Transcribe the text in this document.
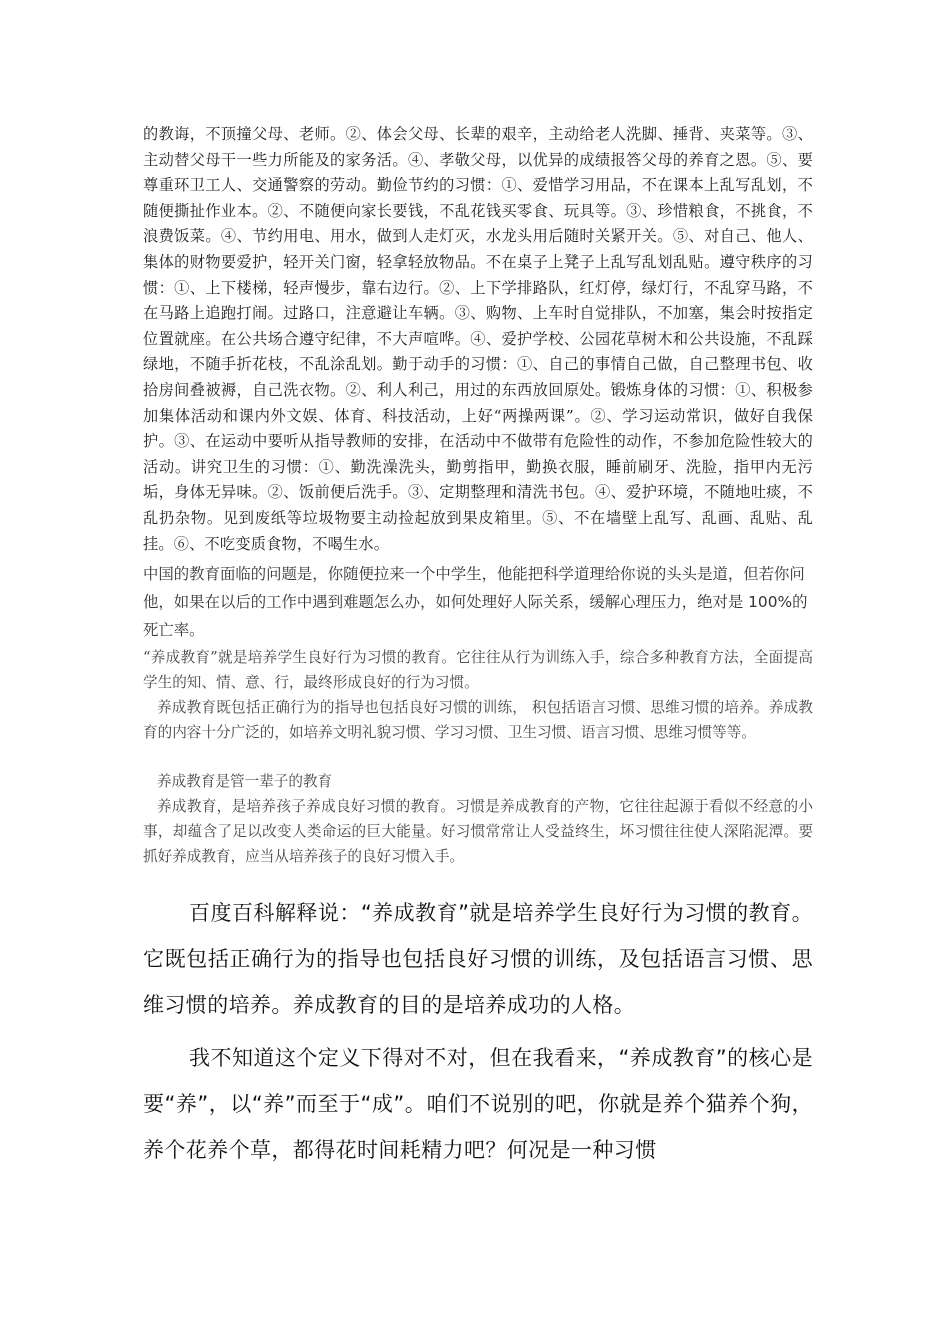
的教诲，不顶撞父母、老师。②、体会父母、长辈的艰辛，主动给老人洗脚、捶背、夹菜等。③、主动替父母干一些力所能及的家务活。④、孝敬父母，以优异的成绩报答父母的养育之恩。⑤、要尊重环卫工人、交通警察的劳动。勤俭节约的习惯：①、爱惜学习用品，不在课本上乱写乱划，不随便撕扯作业本。②、不随便向家长要钱，不乱花钱买零食、玩具等。③、珍惜粮食，不挑食，不浪费饭菜。④、节约用电、用水，做到人走灯灭，水龙头用后随时关紧开关。⑤、对自己、他人、集体的财物要爱护，轻开关门窗，轻拿轻放物品。不在桌子上凳子上乱写乱划乱贴。遵守秩序的习惯：①、上下楼梯，轻声慢步，靠右边行。②、上下学排路队，红灯停，绿灯行，不乱穿马路，不在马路上追跑打闹。过路口，注意避让车辆。③、购物、上车时自觉排队，不加塞，集会时按指定位置就座。在公共场合遵守纪律，不大声喧哗。④、爱护学校、公园花草树木和公共设施，不乱踩绿地，不随手折花枝，不乱涂乱划。勤于动手的习惯：①、自己的事情自己做，自己整理书包、收拾房间叠被褥，自己洗衣物。②、利人利己，用过的东西放回原处。锻炼身体的习惯：①、积极参加集体活动和课内外文娱、体育、科技活动，上好“两操两课”。②、学习运动常识，做好自我保护。③、在运动中要听从指导教师的安排，在活动中不做带有危险性的动作，不参加危险性较大的活动。讲究卫生的习惯：①、勤洗澡洗头，勤剪指甲，勤换衣服，睡前刷牙、洗脸，指甲内无污垢，身体无异味。②、饭前便后洗手。③、定期整理和清洗书包。④、爱护环境，不随地吐痰，不乱扔杂物。见到废纸等垃圾物要主动捡起放到果皮箱里。⑤、不在墙壁上乱写、乱画、乱贴、乱挂。⑥、不吃变质食物，不喝生水。
中国的教育面临的问题是，你随便拉来一个中学生，他能把科学道理给你说的头头是道，但若你问他，如果在以后的工作中遇到难题怎么办，如何处理好人际关系，缓解心理压力，绝对是 100%的死亡率。
“养成教育”就是培养学生良好行为习惯的教育。它往往从行为训练入手，综合多种教育方法，全面提高学生的知、情、意、行，最终形成良好的行为习惯。
养成教育既包括正确行为的指导也包括良好习惯的训练， 积包括语言习惯、思维习惯的培养。养成教育的内容十分广泛的，如培养文明礼貌习惯、学习习惯、卫生习惯、语言习惯、思维习惯等等。
养成教育是管一辈子的教育
养成教育，是培养孩子养成良好习惯的教育。习惯是养成教育的产物，它往往起源于看似不经意的小事，却蕴含了足以改变人类命运的巨大能量。好习惯常常让人受益终生，坏习惯往往使人深陷泥潭。要抓好养成教育，应当从培养孩子的良好习惯入手。
百度百科解释说：“养成教育”就是培养学生良好行为习惯的教育。它既包括正确行为的指导也包括良好习惯的训练，及包括语言习惯、思维习惯的培养。养成教育的目的是培养成功的人格。
我不知道这个定义下得对不对，但在我看来，“养成教育”的核心是要“养”，以“养”而至于“成”。咱们不说别的吧，你就是养个猫养个狗，养个花养个草，都得花时间耗精力吧？何况是一种习惯
